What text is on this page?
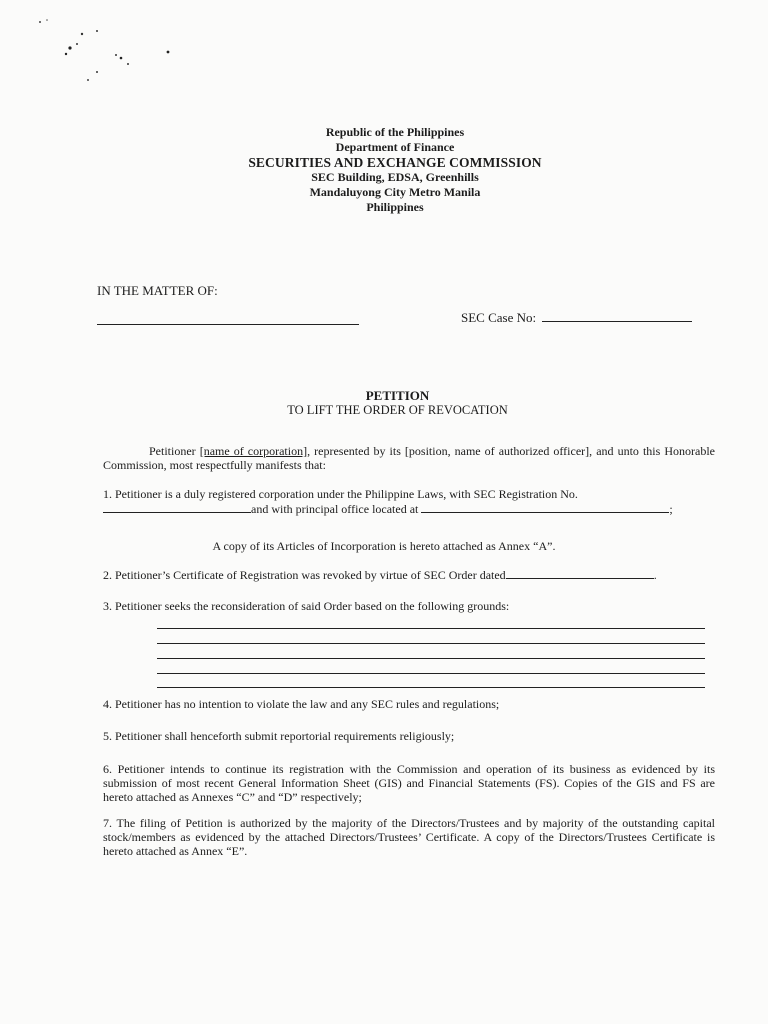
Republic of the Philippines
Department of Finance
SECURITIES AND EXCHANGE COMMISSION
SEC Building, EDSA, Greenhills
Mandaluyong City Metro Manila
Philippines
IN THE MATTER OF:
SEC Case No:
PETITION
TO LIFT THE ORDER OF REVOCATION
Petitioner [name of corporation], represented by its [position, name of authorized officer], and unto this Honorable Commission, most respectfully manifests that:
1. Petitioner is a duly registered corporation under the Philippine Laws, with SEC Registration No.
and with principal office located at	;
A copy of its Articles of Incorporation is hereto attached as Annex “A”.
2. Petitioner’s Certificate of Registration was revoked by virtue of SEC Order dated	.
3. Petitioner seeks the reconsideration of said Order based on the following grounds:
4. Petitioner has no intention to violate the law and any SEC rules and regulations;
5. Petitioner shall henceforth submit reportorial requirements religiously;
6. Petitioner intends to continue its registration with the Commission and operation of its business as evidenced by its submission of most recent General Information Sheet (GIS) and Financial Statements (FS). Copies of the GIS and FS are hereto attached as Annexes “C” and “D” respectively;
7. The filing of Petition is authorized by the majority of the Directors/Trustees and by majority of the outstanding capital stock/members as evidenced by the attached Directors/Trustees’ Certificate. A copy of the Directors/Trustees Certificate is hereto attached as Annex “E”.
